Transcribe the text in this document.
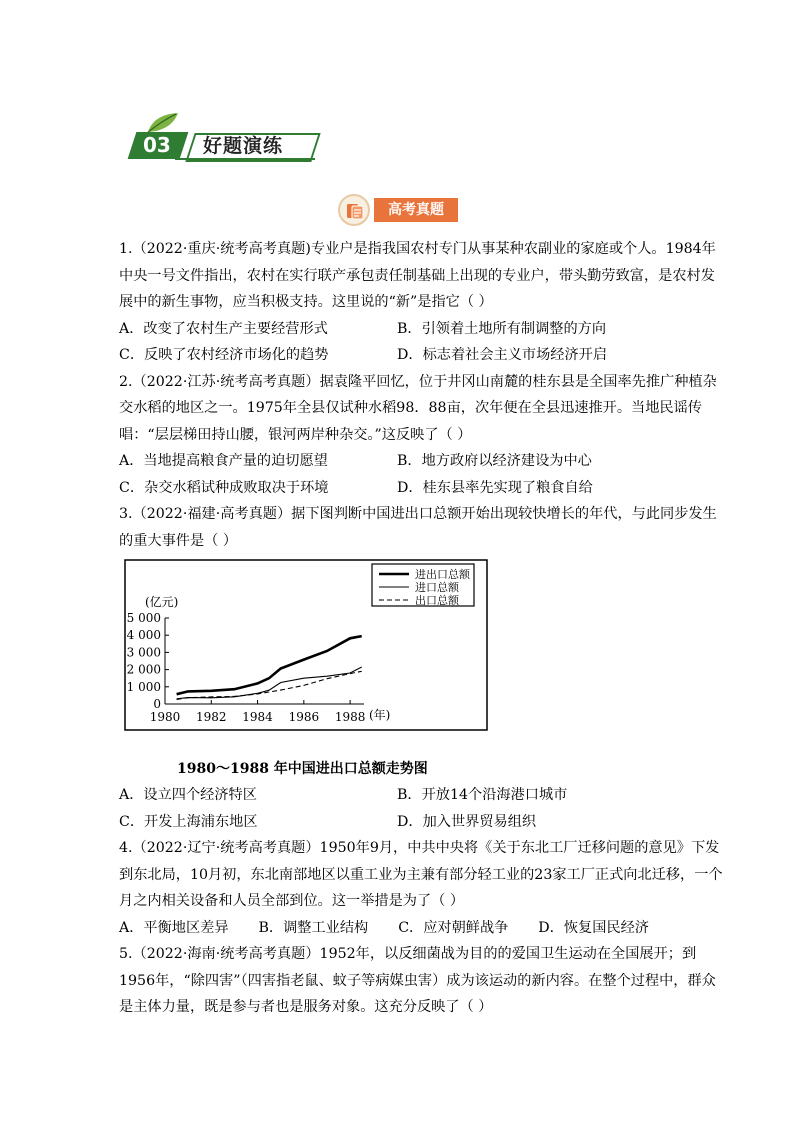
03	好题演练
高考真题

1.（2022·重庆·统考高考真题)专业户是指我国农村专门从事某种农副业的家庭或个人。1984年中央一号文件指出，农村在实行联产承包责任制基础上出现的专业户，带头勤劳致富，是农村发展中的新生事物，应当积极支持。这里说的“新”是指它（ ）

A．改变了农村生产主要经营形式	B．引领着土地所有制调整的方向
C．反映了农村经济市场化的趋势	D．标志着社会主义市场经济开启

2.（2022·江苏·统考高考真题）据袁隆平回忆，位于井冈山南麓的桂东县是全国率先推广种植杂交水稻的地区之一。1975年全县仅试种水稻98．88亩，次年便在全县迅速推开。当地民谣传唱：“层层梯田持山腰，银河两岸种杂交。”这反映了（ ）

A．当地提高粮食产量的迫切愿望	B．地方政府以经济建设为中心
C．杂交水稻试种成败取决于环境	D．桂东县率先实现了粮食自给

3.（2022·福建·高考真题）据下图判断中国进出口总额开始出现较快增长的年代，与此同步发生的重大事件是（ ）

(亿元)
(年)
0
1 000
2 000
3 000
4 000
5 000
1980 1982 1984 1986 1988
进出口总额
进口总额
出口总额
1980～1988 年中国进出口总额走势图
A．设立四个经济特区	B．开放14个沿海港口城市
C．开发上海浦东地区	D．加入世界贸易组织

4.（2022·辽宁·统考高考真题）1950年9月，中共中央将《关于东北工厂迁移问题的意见》下发到东北局，10月初，东北南部地区以重工业为主兼有部分轻工业的23家工厂正式向北迁移，一个月之内相关设备和人员全部到位。这一举措是为了（ ）

A．平衡地区差异 B．调整工业结构 C．应对朝鲜战争 D．恢复国民经济

5.（2022·海南·统考高考真题）1952年，以反细菌战为目的的爱国卫生运动在全国展开；到1956年，“除四害”（四害指老鼠、蚊子等病媒虫害）成为该运动的新内容。在整个过程中，群众是主体力量，既是参与者也是服务对象。这充分反映了（ ）
